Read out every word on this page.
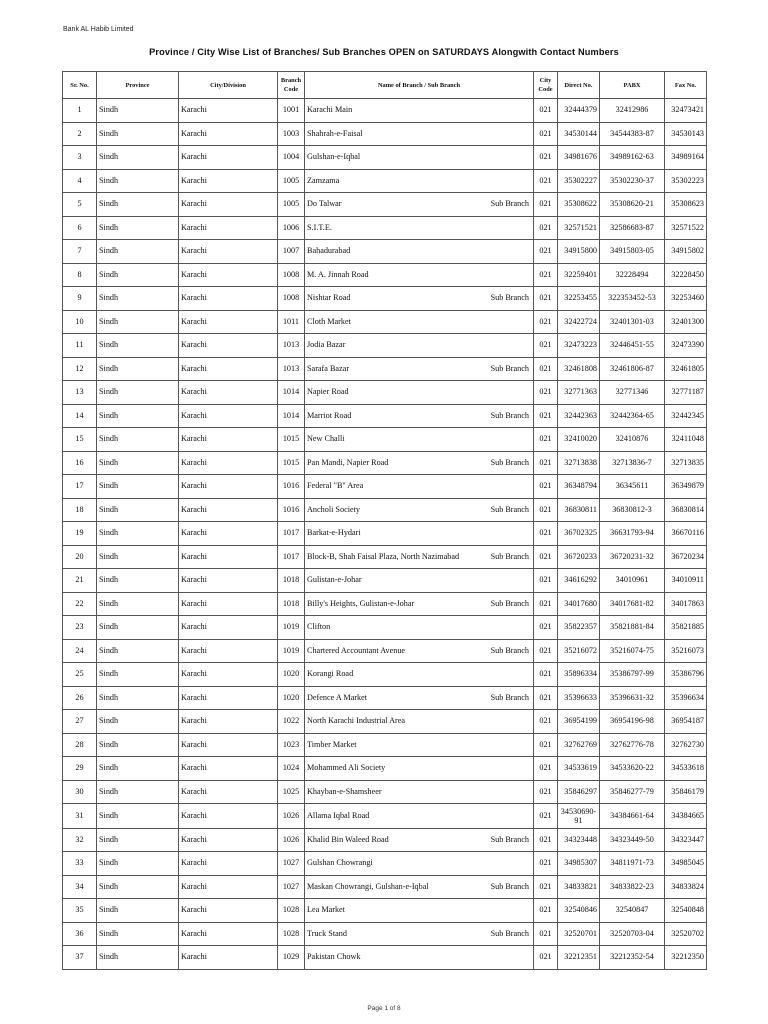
Bank AL Habib Limited
Province / City Wise List of Branches/ Sub Branches OPEN on SATURDAYS Alongwith Contact Numbers
Sr. No.	Province	City/Division	Branch Code	Name of Branch / Sub Branch	City Code	Direct No.	PABX	Fax No.
1	Sindh	Karachi	1001	Karachi Main	021	32444379	32412986	32473421
2	Sindh	Karachi	1003	Shahrah-e-Faisal	021	34530144	34544383-87	34530143
3	Sindh	Karachi	1004	Gulshan-e-Iqbal	021	34981676	34989162-63	34989164
4	Sindh	Karachi	1005	Zamzama	021	35302227	35302230-37	35302223
5	Sindh	Karachi	1005	Do Talwar Sub Branch	021	35308622	35308620-21	35308623
6	Sindh	Karachi	1006	S.I.T.E.	021	32571521	32586683-87	32571522
7	Sindh	Karachi	1007	Bahadurabad	021	34915800	34915803-05	34915802
8	Sindh	Karachi	1008	M. A. Jinnah Road	021	32259401	32228494	32228450
9	Sindh	Karachi	1008	Nishtar Road Sub Branch	021	32253455	322353452-53	32253460
10	Sindh	Karachi	1011	Cloth Market	021	32422724	32401301-03	32401300
11	Sindh	Karachi	1013	Jodia Bazar	021	32473223	32446451-55	32473390
12	Sindh	Karachi	1013	Sarafa Bazar Sub Branch	021	32461808	32461806-87	32461805
13	Sindh	Karachi	1014	Napier Road	021	32771363	32771346	32771187
14	Sindh	Karachi	1014	Marriot Road Sub Branch	021	32442363	32442364-65	32442345
15	Sindh	Karachi	1015	New Challi	021	32410020	32410876	32411048
16	Sindh	Karachi	1015	Pan Mandi, Napier Road Sub Branch	021	32713838	32713836-7	32713835
17	Sindh	Karachi	1016	Federal "B" Area	021	36348794	36345611	36349879
18	Sindh	Karachi	1016	Ancholi Society Sub Branch	021	36830811	36830812-3	36830814
19	Sindh	Karachi	1017	Barkat-e-Hydari	021	36702325	36631793-94	36670116
20	Sindh	Karachi	1017	Block-B, Shah Faisal Plaza, North Nazimabad Sub Branch	021	36720233	36720231-32	36720234
21	Sindh	Karachi	1018	Gulistan-e-Johar	021	34616292	34010961	34010911
22	Sindh	Karachi	1018	Billy's Heights, Gulistan-e-Johar Sub Branch	021	34017680	34017681-82	34017863
23	Sindh	Karachi	1019	Clifton	021	35822357	35821881-84	35821885
24	Sindh	Karachi	1019	Chartered Accountant Avenue Sub Branch	021	35216072	35216074-75	35216073
25	Sindh	Karachi	1020	Korangi Road	021	35896334	35386797-99	35386796
26	Sindh	Karachi	1020	Defence A Market Sub Branch	021	35396633	35396631-32	35396634
27	Sindh	Karachi	1022	North Karachi Industrial Area	021	36954199	36954196-98	36954187
28	Sindh	Karachi	1023	Timber Market	021	32762769	32762776-78	32762730
29	Sindh	Karachi	1024	Mohammed Ali Society	021	34533619	34533620-22	34533618
30	Sindh	Karachi	1025	Khayban-e-Shamsheer	021	35846297	35846277-79	35846179
31	Sindh	Karachi	1026	Allama Iqbal Road	021	34530690-91	34384661-64	34384665
32	Sindh	Karachi	1026	Khalid Bin Waleed Road Sub Branch	021	34323448	34323449-50	34323447
33	Sindh	Karachi	1027	Gulshan Chowrangi	021	34985307	34811971-73	34985045
34	Sindh	Karachi	1027	Maskan Chowrangi, Gulshan-e-Iqbal Sub Branch	021	34833821	34833822-23	34833824
35	Sindh	Karachi	1028	Lea Market	021	32540846	32540847	32540848
36	Sindh	Karachi	1028	Truck Stand Sub Branch	021	32520701	32520703-04	32520702
37	Sindh	Karachi	1029	Pakistan Chowk	021	32212351	32212352-54	32212350
Page 1 of 8
